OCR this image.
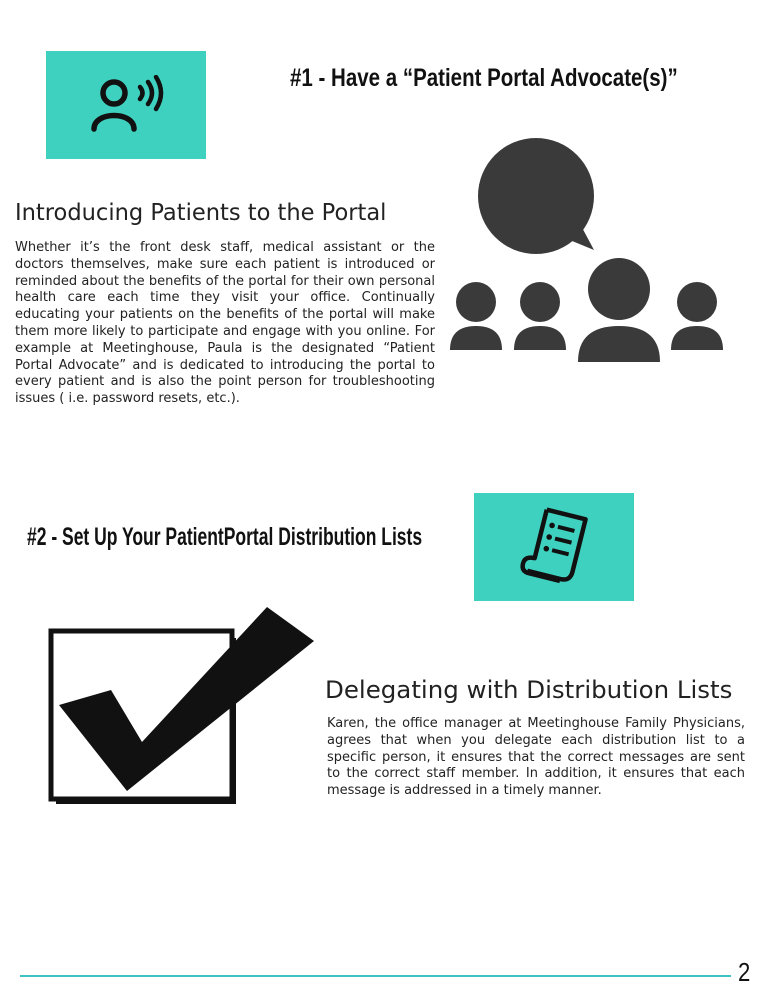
#1 - Have a “Patient Portal Advocate(s)”
Introducing Patients to the Portal

Whether it’s the front desk staff, medical assistant or the doctors themselves, make sure each patient is introduced or reminded about the benefits of the portal for their own personal health care each time they visit your office. Continually educating your patients on the benefits of the portal will make them more likely to participate and engage with you online. For example at Meetinghouse, Paula is the designated “Patient Portal Advocate” and is dedicated to introducing the portal to every patient and is also the point person for troubleshooting issues ( i.e. password resets, etc.).

#2 - Set Up Your PatientPortal Distribution Lists
Delegating with Distribution Lists

Karen, the office manager at Meetinghouse Family Physicians, agrees that when you delegate each distribution list to a specific person, it ensures that the correct messages are sent to the correct staff member. In addition, it ensures that each message is addressed in a timely manner.

2
